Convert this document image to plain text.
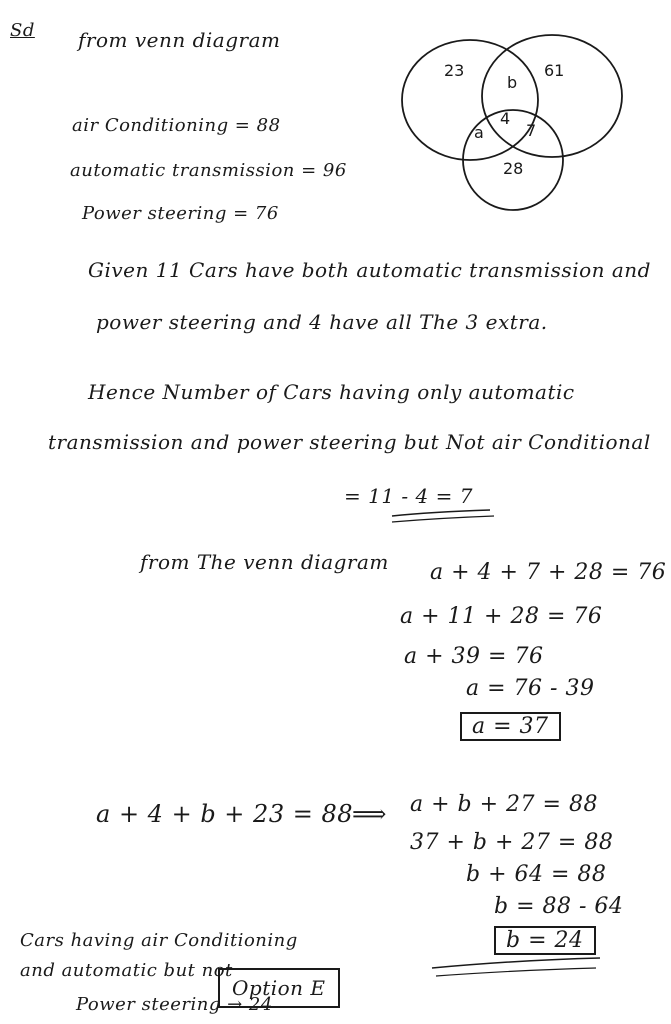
Sd from venn diagram
air Conditioning = 88
automatic transmission = 96
Power steering = 76
23
b
61
a
4
7
28
Given 11 Cars have both automatic transmission and
power steering and 4 have all The 3 extra.
Hence Number of Cars having only automatic
transmission and power steering but Not air Conditional
= 11 - 4 = 7
from The venn diagram a + 4 + 7 + 28 = 76
a + 11 + 28 = 76
a + 39 = 76
a = 76 - 39
a = 37
a + 4 + b + 23 = 88 ⟹ a + b + 27 = 88
37 + b + 27 = 88
b + 64 = 88
b = 88 - 64
b = 24
Cars having air Conditioning
and automatic but not
Power steering → 24
Option E
